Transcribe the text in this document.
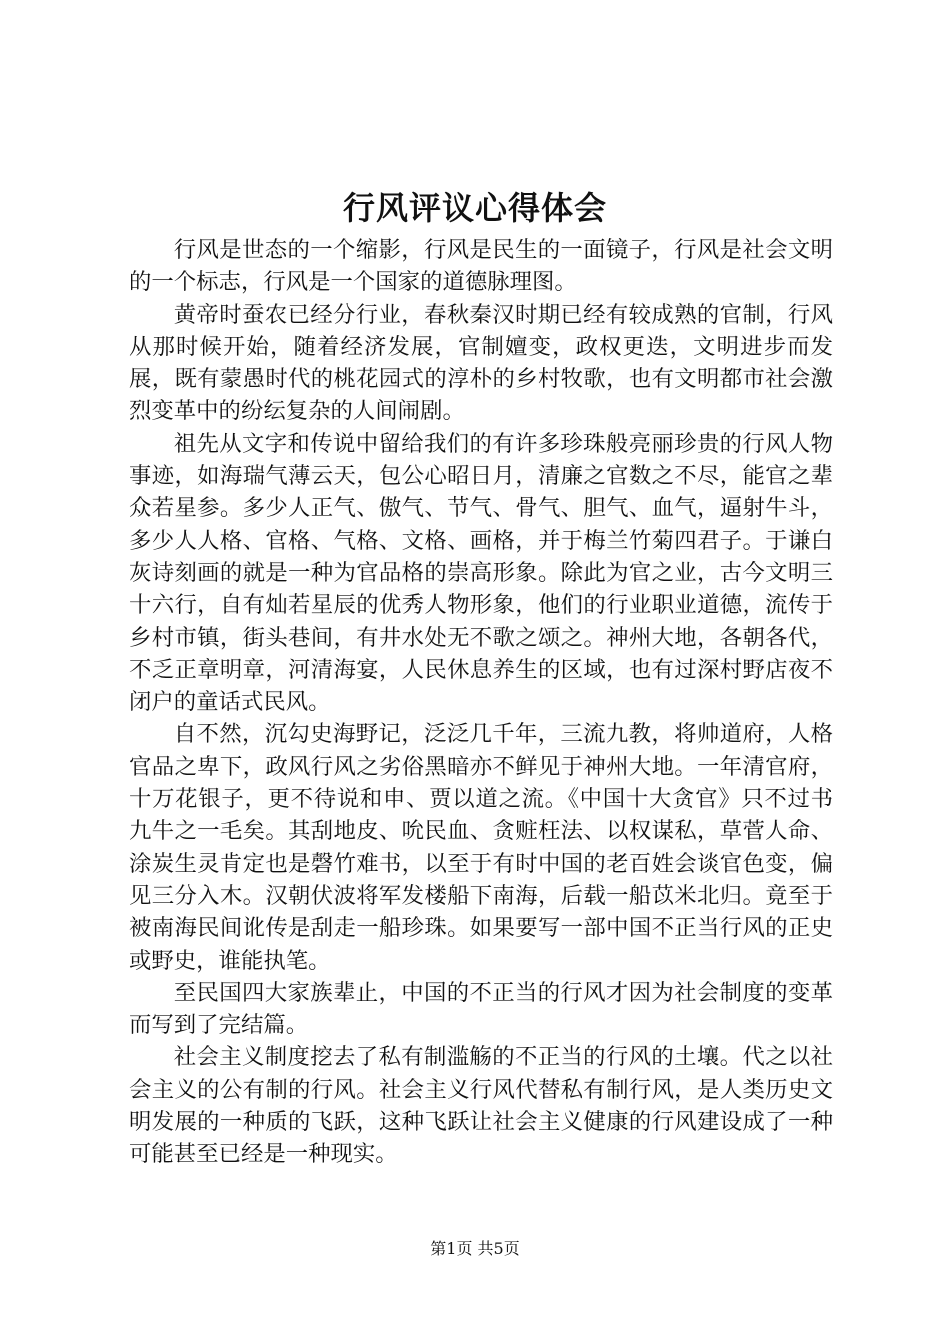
行风评议心得体会

行风是世态的一个缩影，行风是民生的一面镜子，行风是社会文明的一个标志，行风是一个国家的道德脉理图。

黄帝时蚕农已经分行业，春秋秦汉时期已经有较成熟的官制，行风从那时候开始，随着经济发展，官制嬗变，政权更迭，文明进步而发展，既有蒙愚时代的桃花园式的淳朴的乡村牧歌，也有文明都市社会激烈变革中的纷纭复杂的人间闹剧。

祖先从文字和传说中留给我们的有许多珍珠般亮丽珍贵的行风人物事迹，如海瑞气薄云天，包公心昭日月，清廉之官数之不尽，能官之辈众若星参。多少人正气、傲气、节气、骨气、胆气、血气，逼射牛斗，多少人人格、官格、气格、文格、画格，并于梅兰竹菊四君子。于谦白灰诗刻画的就是一种为官品格的崇高形象。除此为官之业，古今文明三十六行，自有灿若星辰的优秀人物形象，他们的行业职业道德，流传于乡村市镇，街头巷间，有井水处无不歌之颂之。神州大地，各朝各代，不乏正章明章，河清海宴，人民休息养生的区域，也有过深村野店夜不闭户的童话式民风。

自不然，沉勾史海野记，泛泛几千年，三流九教，将帅道府，人格官品之卑下，政风行风之劣俗黑暗亦不鲜见于神州大地。一年清官府，十万花银子，更不待说和申、贾以道之流。《中国十大贪官》只不过书九牛之一毛矣。其刮地皮、吮民血、贪赃枉法、以权谋私，草菅人命、涂炭生灵肯定也是磬竹难书，以至于有时中国的老百姓会谈官色变，偏见三分入木。汉朝伏波将军发楼船下南海，后载一船苡米北归。竟至于被南海民间讹传是刮走一船珍珠。如果要写一部中国不正当行风的正史或野史，谁能执笔。

至民国四大家族辈止，中国的不正当的行风才因为社会制度的变革而写到了完结篇。

社会主义制度挖去了私有制滥觞的不正当的行风的土壤。代之以社会主义的公有制的行风。社会主义行风代替私有制行风，是人类历史文明发展的一种质的飞跃，这种飞跃让社会主义健康的行风建设成了一种可能甚至已经是一种现实。

第1页 共5页
